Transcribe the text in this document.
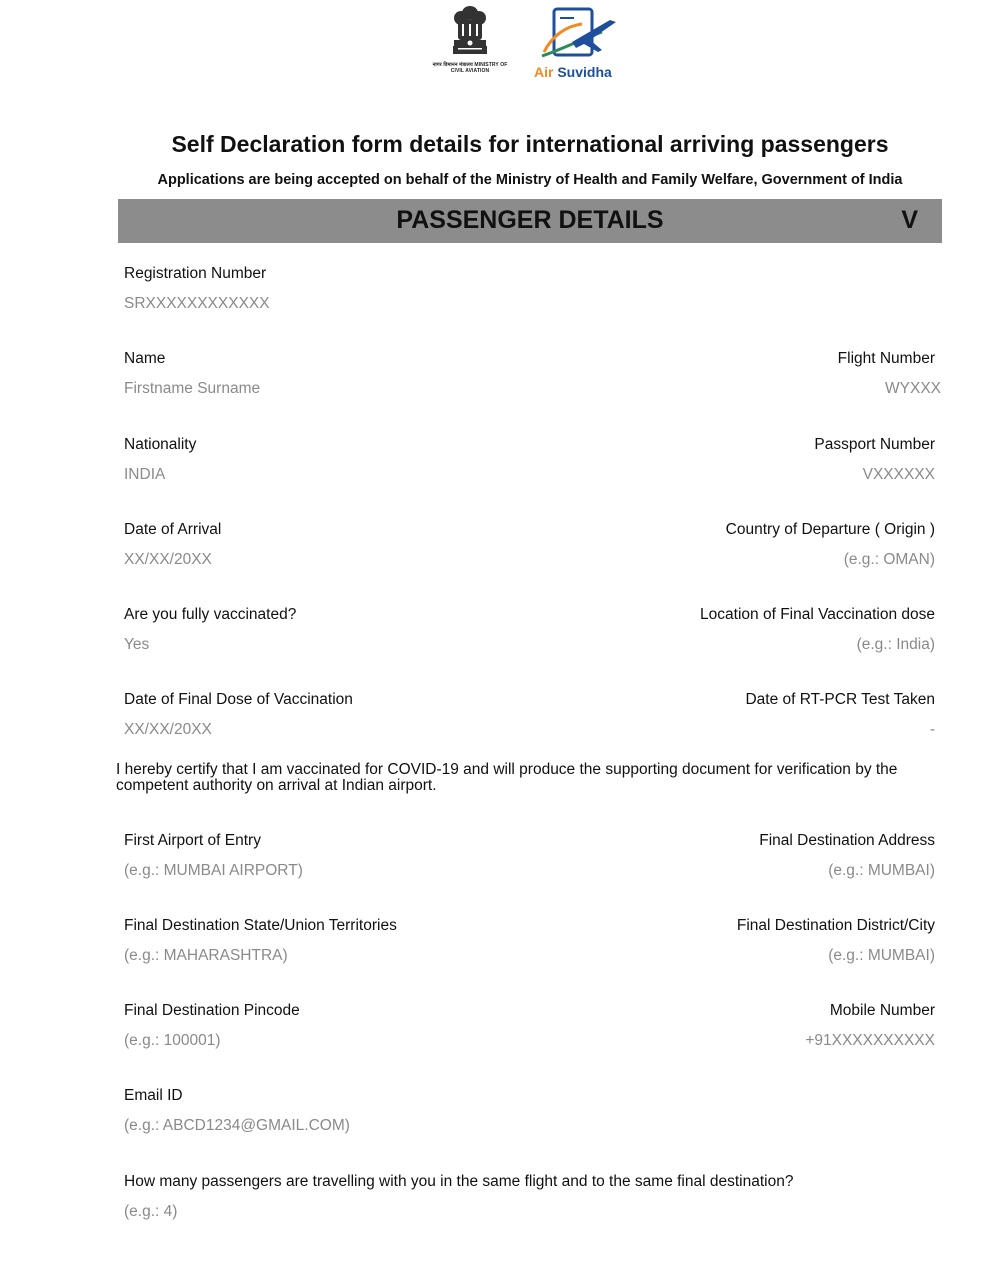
नागर विमानन मंत्रालय MINISTRY OF CIVIL AVIATION	Air Suvidha
Self Declaration form details for international arriving passengers
Applications are being accepted on behalf of the Ministry of Health and Family Welfare, Government of India
PASSENGER DETAILS	V
Registration Number
SRXXXXXXXXXXXX
Name
Firstname Surname
Flight Number
WYXXX
Nationality
INDIA
Passport Number
VXXXXXX
Date of Arrival
XX/XX/20XX
Country of Departure ( Origin )
(e.g.: OMAN)
Are you fully vaccinated?
Yes
Location of Final Vaccination dose
(e.g.: India)
Date of Final Dose of Vaccination
XX/XX/20XX
Date of RT-PCR Test Taken
-
I hereby certify that I am vaccinated for COVID-19 and will produce the supporting document for verification by the competent authority on arrival at Indian airport.
First Airport of Entry
(e.g.: MUMBAI AIRPORT)
Final Destination Address
(e.g.: MUMBAI)
Final Destination State/Union Territories
(e.g.: MAHARASHTRA)
Final Destination District/City
(e.g.: MUMBAI)
Final Destination Pincode
(e.g.: 100001)
Mobile Number
+91XXXXXXXXXX
Email ID
(e.g.: ABCD1234@GMAIL.COM)
How many passengers are travelling with you in the same flight and to the same final destination?
(e.g.: 4)
